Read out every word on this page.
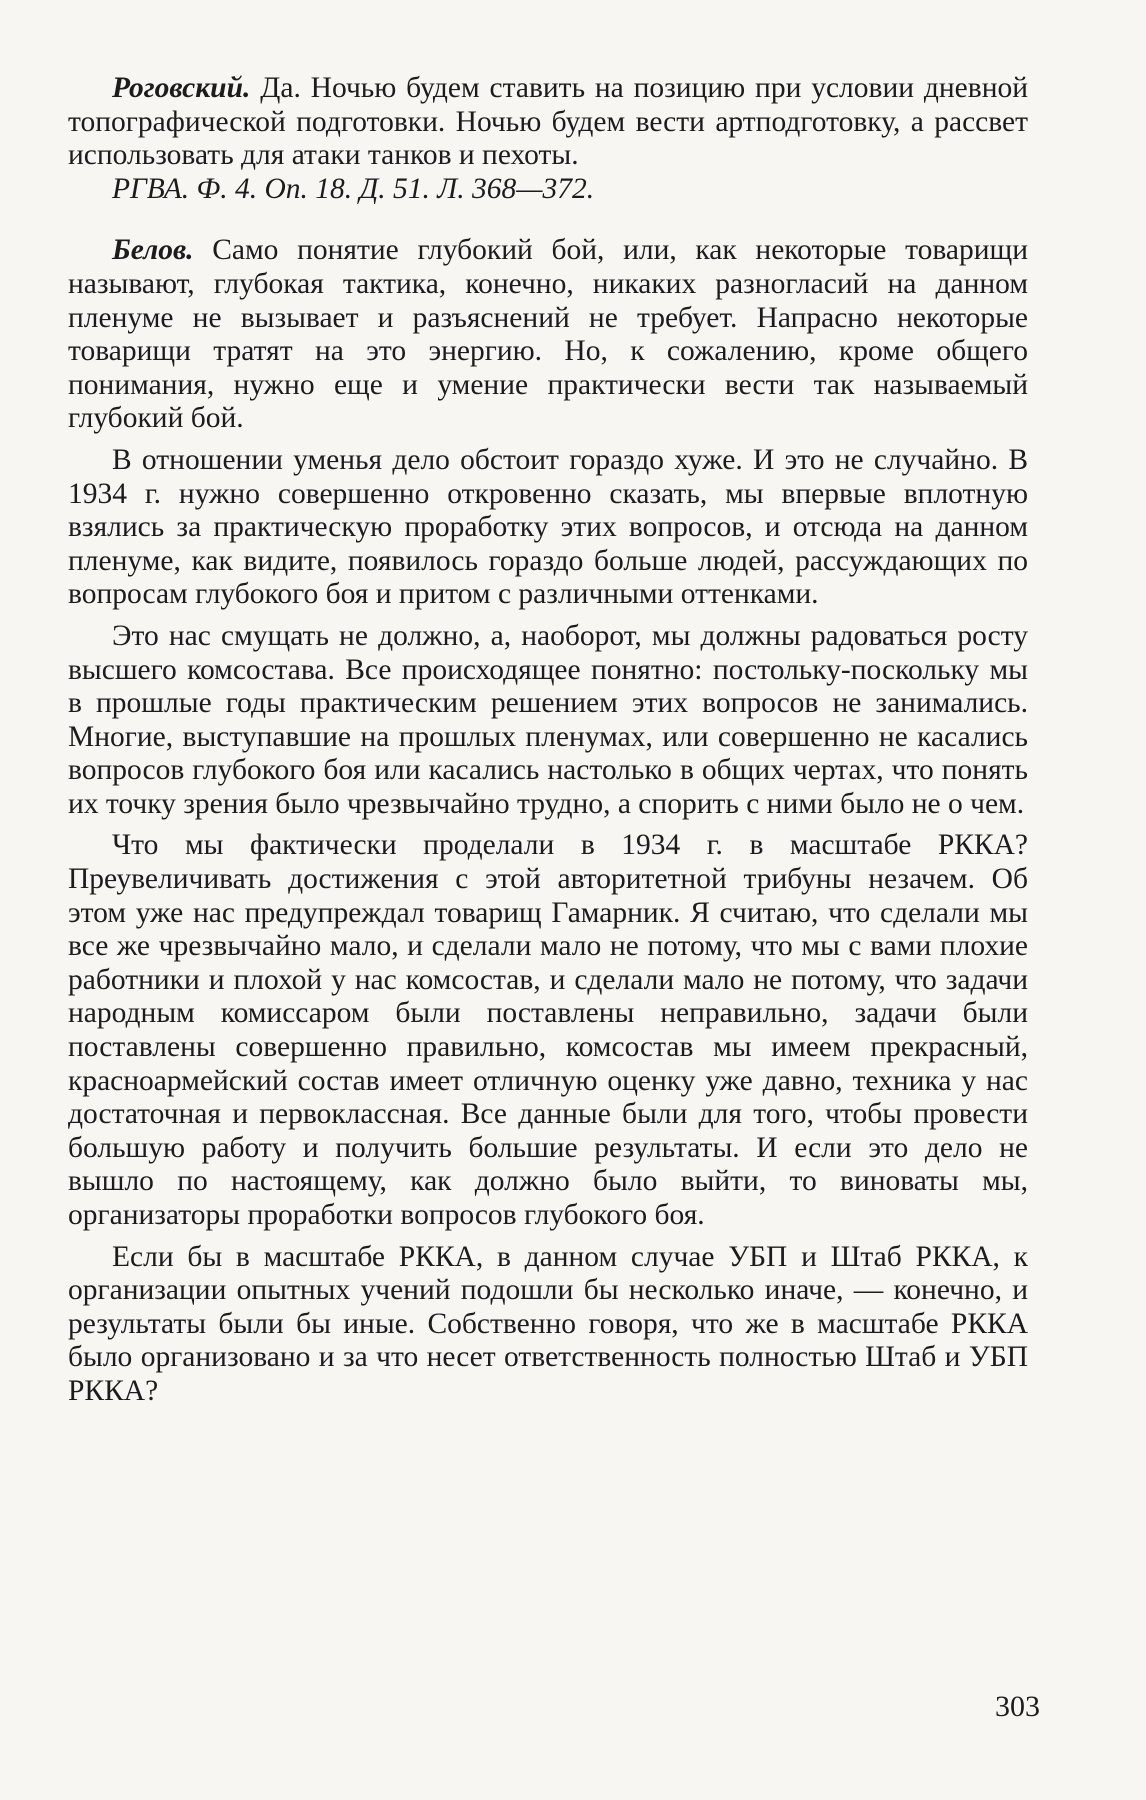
Роговский. Да. Ночью будем ставить на позицию при условии дневной топографической подготовки. Ночью будем вести артподготовку, а рассвет использовать для атаки танков и пехоты.

РГВА. Ф. 4. Оп. 18. Д. 51. Л. 368—372.

Белов. Само понятие глубокий бой, или, как некоторые товарищи называют, глубокая тактика, конечно, никаких разногласий на данном пленуме не вызывает и разъяснений не требует. Напрасно некоторые товарищи тратят на это энергию. Но, к сожалению, кроме общего понимания, нужно еще и умение практически вести так называемый глубокий бой.

В отношении уменья дело обстоит гораздо хуже. И это не случайно. В 1934 г. нужно совершенно откровенно сказать, мы впервые вплотную взялись за практическую проработку этих вопросов, и отсюда на данном пленуме, как видите, появилось гораздо больше людей, рассуждающих по вопросам глубокого боя и притом с различными оттенками.

Это нас смущать не должно, а, наоборот, мы должны радоваться росту высшего комсостава. Все происходящее понятно: постольку-поскольку мы в прошлые годы практическим решением этих вопросов не занимались. Многие, выступавшие на прошлых пленумах, или совершенно не касались вопросов глубокого боя или касались настолько в общих чертах, что понять их точку зрения было чрезвычайно трудно, а спорить с ними было не о чем.

Что мы фактически проделали в 1934 г. в масштабе РККА? Преувеличивать достижения с этой авторитетной трибуны незачем. Об этом уже нас предупреждал товарищ Гамарник. Я считаю, что сделали мы все же чрезвычайно мало, и сделали мало не потому, что мы с вами плохие работники и плохой у нас комсостав, и сделали мало не потому, что задачи народным комиссаром были поставлены неправильно, задачи были поставлены совершенно правильно, комсостав мы имеем прекрасный, красноармейский состав имеет отличную оценку уже давно, техника у нас достаточная и первоклассная. Все данные были для того, чтобы провести большую работу и получить большие результаты. И если это дело не вышло по настоящему, как должно было выйти, то виноваты мы, организаторы проработки вопросов глубокого боя.

Если бы в масштабе РККА, в данном случае УБП и Штаб РККА, к организации опытных учений подошли бы несколько иначе, — конечно, и результаты были бы иные. Собственно говоря, что же в масштабе РККА было организовано и за что несет ответственность полностью Штаб и УБП РККА?

303
